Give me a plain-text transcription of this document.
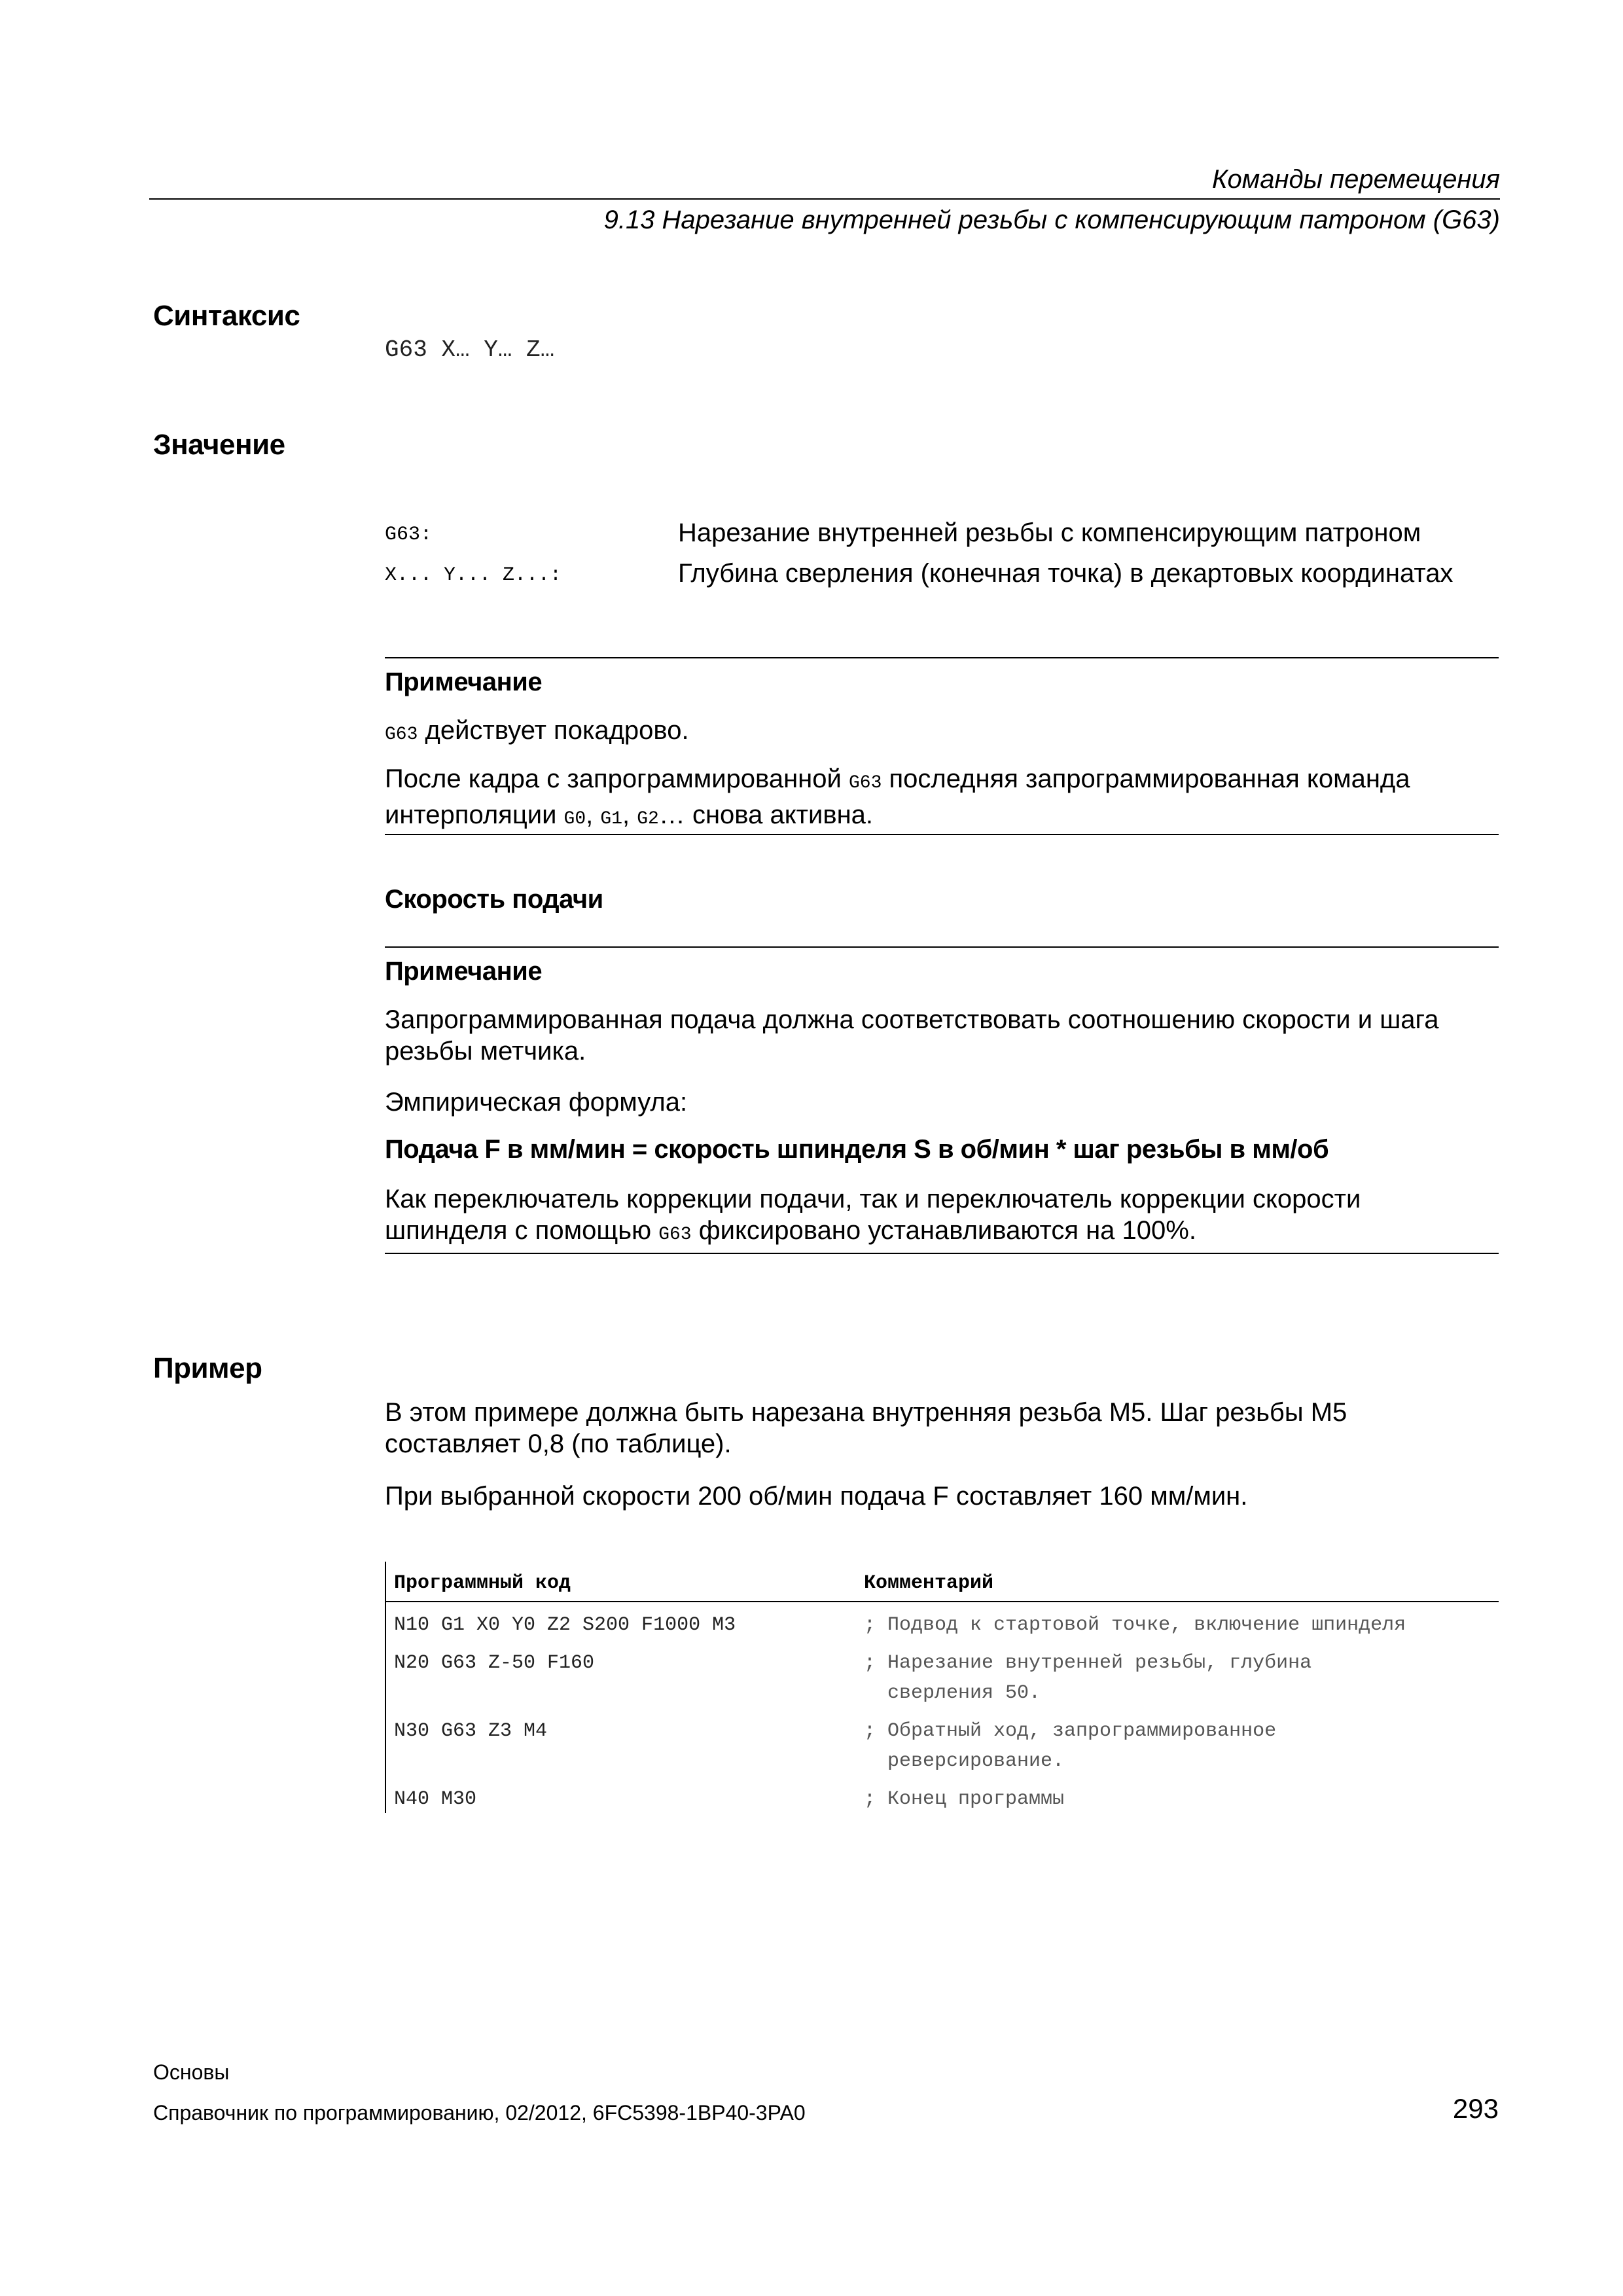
Команды перемещения
9.13 Нарезание внутренней резьбы с компенсирующим патроном (G63)
Синтаксис
G63 X… Y… Z…
Значение
G63:	Нарезание внутренней резьбы с компенсирующим патроном
X... Y... Z...:	Глубина сверления (конечная точка) в декартовых координатах
Примечание
G63 действует покадрово.
После кадра с запрограммированной G63 последняя запрограммированная команда
интерполяции G0, G1, G2… снова активна.
Скорость подачи
Примечание
Запрограммированная подача должна соответствовать соотношению скорости и шага
резьбы метчика.
Эмпирическая формула:
Подача F в мм/мин = скорость шпинделя S в об/мин * шаг резьбы в мм/об
Как переключатель коррекции подачи, так и переключатель коррекции скорости
шпинделя с помощью G63 фиксировано устанавливаются на 100%.
Пример
В этом примере должна быть нарезана внутренняя резьба M5. Шаг резьбы M5
составляет 0,8 (по таблице).
При выбранной скорости 200 об/мин подача F составляет 160 мм/мин.
Программный код	Комментарий
N10 G1 X0 Y0 Z2 S200 F1000 M3	; Подвод к стартовой точке, включение шпинделя
N20 G63 Z-50 F160	; Нарезание внутренней резьбы, глубина
сверления 50.
N30 G63 Z3 M4	; Обратный ход, запрограммированное
реверсирование.
N40 M30	; Конец программы
Основы
Справочник по программированию, 02/2012, 6FC5398-1BP40-3PA0	293
